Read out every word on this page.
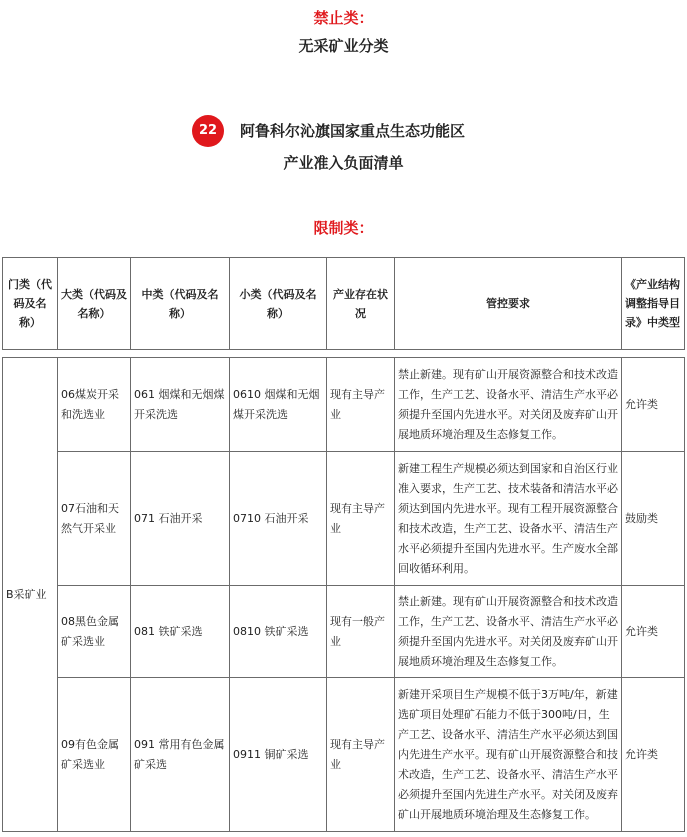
禁止类：
无采矿业分类
22	阿鲁科尔沁旗国家重点生态功能区
产业准入负面清单
限制类：
门类（代码及名称）	大类（代码及名称）	中类（代码及名称）	小类（代码及名称）	产业存在状况	管控要求	《产业结构调整指导目录》中类型
B采矿业	06煤炭开采和洗选业	061 烟煤和无烟煤开采洗选	0610 烟煤和无烟煤开采洗选	现有主导产业	禁止新建。现有矿山开展资源整合和技术改造工作，生产工艺、设备水平、清洁生产水平必须提升至国内先进水平。对关闭及废弃矿山开展地质环境治理及生态修复工作。	允许类
	07石油和天然气开采业	071 石油开采	0710 石油开采	现有主导产业	新建工程生产规模必须达到国家和自治区行业准入要求，生产工艺、技术装备和清洁水平必须达到国内先进水平。现有工程开展资源整合和技术改造，生产工艺、设备水平、清洁生产水平必须提升至国内先进水平。生产废水全部回收循环利用。	鼓励类
	08黑色金属矿采选业	081 铁矿采选	0810 铁矿采选	现有一般产业	禁止新建。现有矿山开展资源整合和技术改造工作，生产工艺、设备水平、清洁生产水平必须提升至国内先进水平。对关闭及废弃矿山开展地质环境治理及生态修复工作。	允许类
	09有色金属矿采选业	091 常用有色金属矿采选	0911 铜矿采选	现有主导产业	新建开采项目生产规模不低于3万吨/年，新建选矿项目处理矿石能力不低于300吨/日，生产工艺、设备水平、清洁生产水平必须达到国内先进生产水平。现有矿山开展资源整合和技术改造，生产工艺、设备水平、清洁生产水平必须提升至国内先进生产水平。对关闭及废弃矿山开展地质环境治理及生态修复工作。	允许类
